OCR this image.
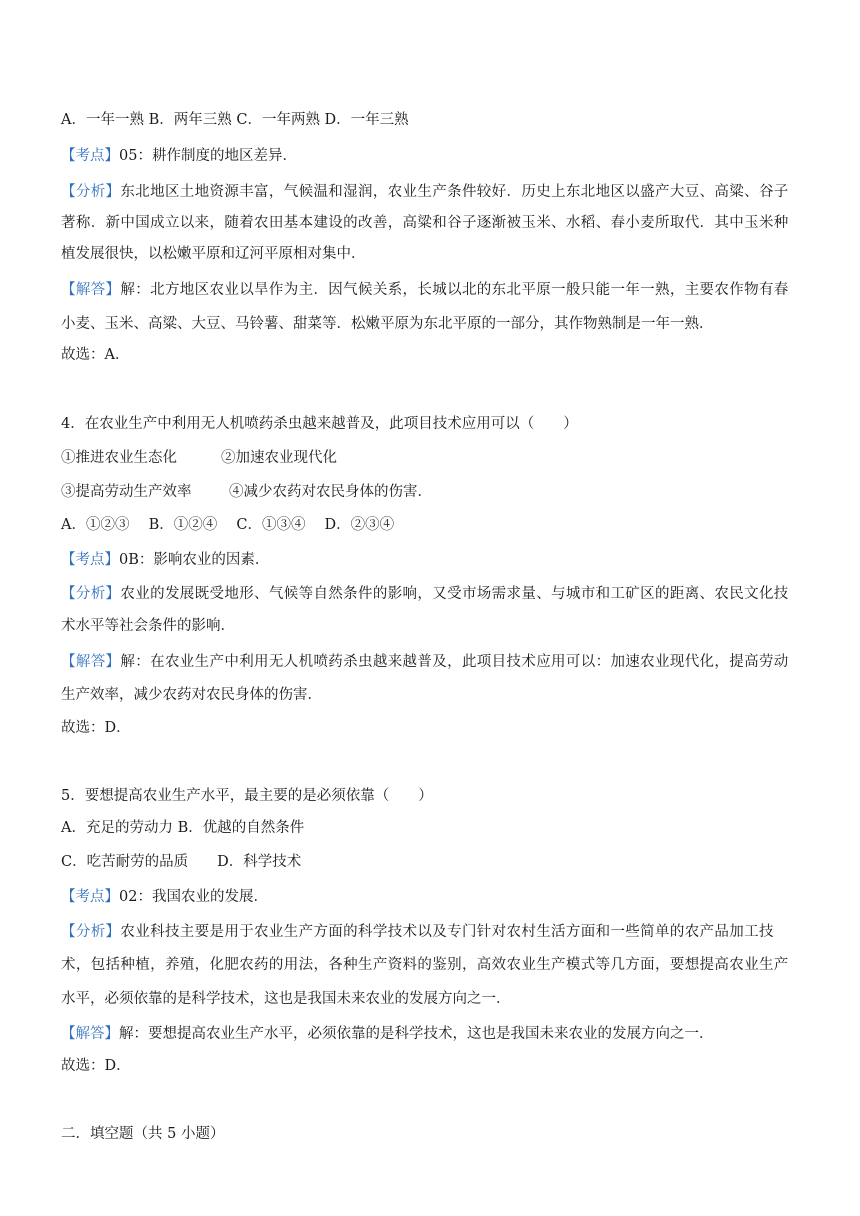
A．一年一熟 B．两年三熟 C．一年两熟 D．一年三熟
【考点】05：耕作制度的地区差异．
【分析】东北地区土地资源丰富，气候温和湿润，农业生产条件较好．历史上东北地区以盛产大豆、高粱、谷子
著称．新中国成立以来，随着农田基本建设的改善，高粱和谷子逐渐被玉米、水稻、春小麦所取代．其中玉米种
植发展很快，以松嫩平原和辽河平原相对集中．
【解答】解：北方地区农业以旱作为主．因气候关系，长城以北的东北平原一般只能一年一熟，主要农作物有春
小麦、玉米、高粱、大豆、马铃薯、甜菜等．松嫩平原为东北平原的一部分，其作物熟制是一年一熟．
故选：A．
4．在农业生产中利用无人机喷药杀虫越来越普及，此项目技术应用可以（　　）
①推进农业生态化	②加速农业现代化
③提高劳动生产效率	④减少农药对农民身体的伤害．
A．①②③　 B．①②④　 C．①③④　 D．②③④
【考点】0B：影响农业的因素．
【分析】农业的发展既受地形、气候等自然条件的影响，又受市场需求量、与城市和工矿区的距离、农民文化技
术水平等社会条件的影响．
【解答】解：在农业生产中利用无人机喷药杀虫越来越普及，此项目技术应用可以：加速农业现代化，提高劳动
生产效率，减少农药对农民身体的伤害．
故选：D．
5．要想提高农业生产水平，最主要的是必须依靠（　　）
A．充足的劳动力 B．优越的自然条件
C．吃苦耐劳的品质　　D．科学技术
【考点】02：我国农业的发展．
【分析】农业科技主要是用于农业生产方面的科学技术以及专门针对农村生活方面和一些简单的农产品加工技
术，包括种植，养殖，化肥农药的用法，各种生产资料的鉴别，高效农业生产模式等几方面，要想提高农业生产
水平，必须依靠的是科学技术，这也是我国未来农业的发展方向之一．
【解答】解：要想提高农业生产水平，必须依靠的是科学技术，这也是我国未来农业的发展方向之一．
故选：D．
二．填空题（共 5 小题）
